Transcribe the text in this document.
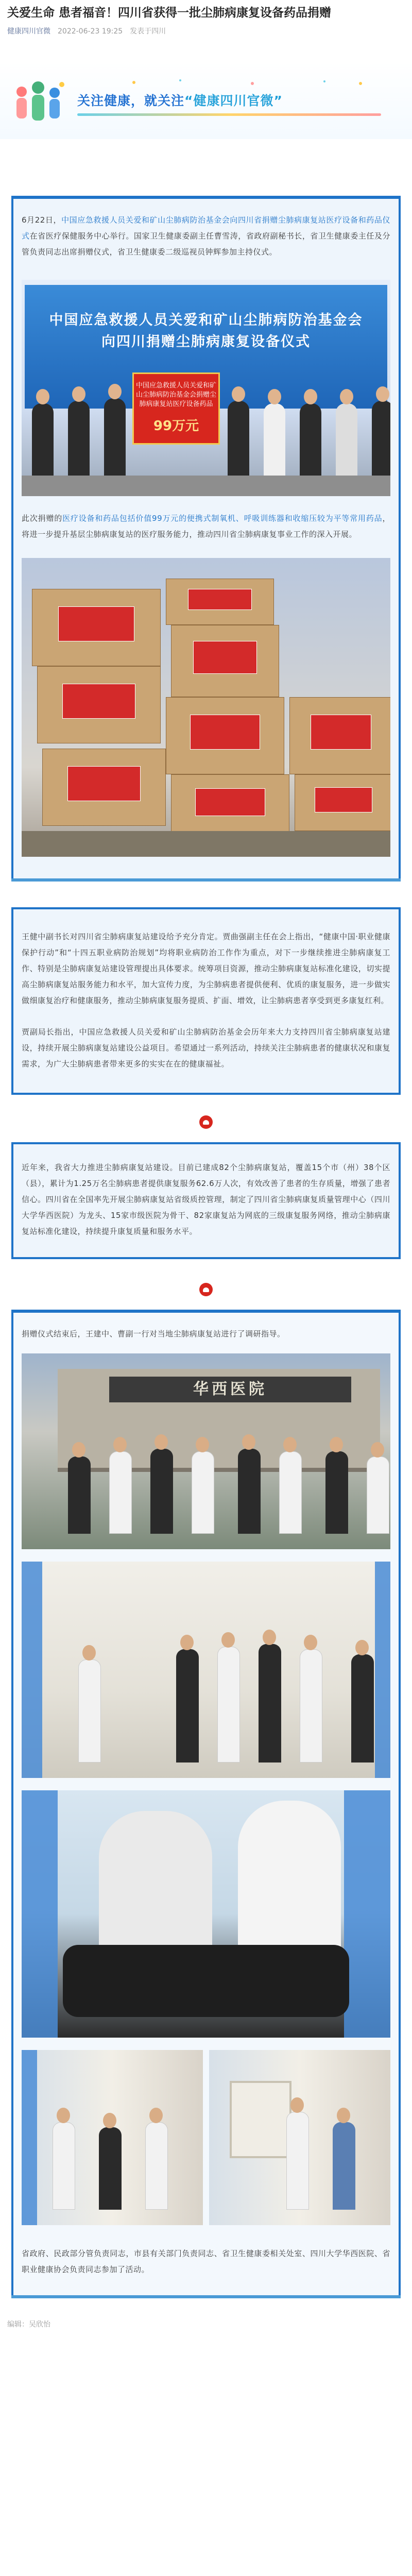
关爱生命 患者福音！四川省获得一批尘肺病康复设备药品捐赠
健康四川官微 2022-06-23 19:25 发表于四川
关注健康，就关注“健康四川官微”

6月22日，中国应急救援人员关爱和矿山尘肺病防治基金会向四川省捐赠尘肺病康复站医疗设备和药品仪式在省医疗保健服务中心举行。国家卫生健康委副主任曹雪涛，省政府副秘书长，省卫生健康委主任及分管负责同志出席捐赠仪式，省卫生健康委二级巡视员钟辉参加主持仪式。

中国应急救援人员关爱和矿山尘肺病防治基金会向四川捐赠尘肺病康复设备仪式
中国应急救援人员关爱和矿山尘肺病防治基金会捐赠尘肺病康复站医疗设备药品
99万元

此次捐赠的医疗设备和药品包括价值99万元的便携式制氧机、呼吸训练器和收缩压较为平等常用药品，将进一步提升基层尘肺病康复站的医疗服务能力，推动四川省尘肺病康复事业工作的深入开展。

王健中副书长对四川省尘肺病康复站建设给予充分肯定。贾曲强副主任在会上指出，“健康中国·职业健康保护行动”和“十四五职业病防治规划”均将职业病防治工作作为重点，对下一步继续推进尘肺病康复工作、特别是尘肺病康复站建设管理提出具体要求。统筹项目资源，推动尘肺病康复站标准化建设，切实提高尘肺病康复站服务能力和水平，加大宣传力度，为尘肺病患者提供便利、优质的康复服务，进一步做实做细康复治疗和健康服务，推动尘肺病康复服务提质、扩面、增效，让尘肺病患者享受到更多康复红利。

贾副局长指出，中国应急救援人员关爱和矿山尘肺病防治基金会历年来大力支持四川省尘肺病康复站建设，持续开展尘肺病康复站建设公益项目。希望通过一系列活动，持续关注尘肺病患者的健康状况和康复需求，为广大尘肺病患者带来更多的实实在在的健康福祉。

近年来，我省大力推进尘肺病康复站建设。目前已建成82个尘肺病康复站，覆盖15个市（州）38个区（县），累计为1.25万名尘肺病患者提供康复服务62.6万人次，有效改善了患者的生存质量，增强了患者信心。四川省在全国率先开展尘肺病康复站省级质控管理，制定了四川省尘肺病康复质量管理中心（四川大学华西医院）为龙头、15家市级医院为骨干、82家康复站为网底的三级康复服务网络，推动尘肺病康复站标准化建设，持续提升康复质量和服务水平。

捐赠仪式结束后，王建中、曹副一行对当地尘肺病康复站进行了调研指导。

华西医院

省政府、民政部分管负责同志，市县有关部门负责同志、省卫生健康委相关处室、四川大学华西医院、省职业健康协会负责同志参加了活动。

编辑：吴欣怡
